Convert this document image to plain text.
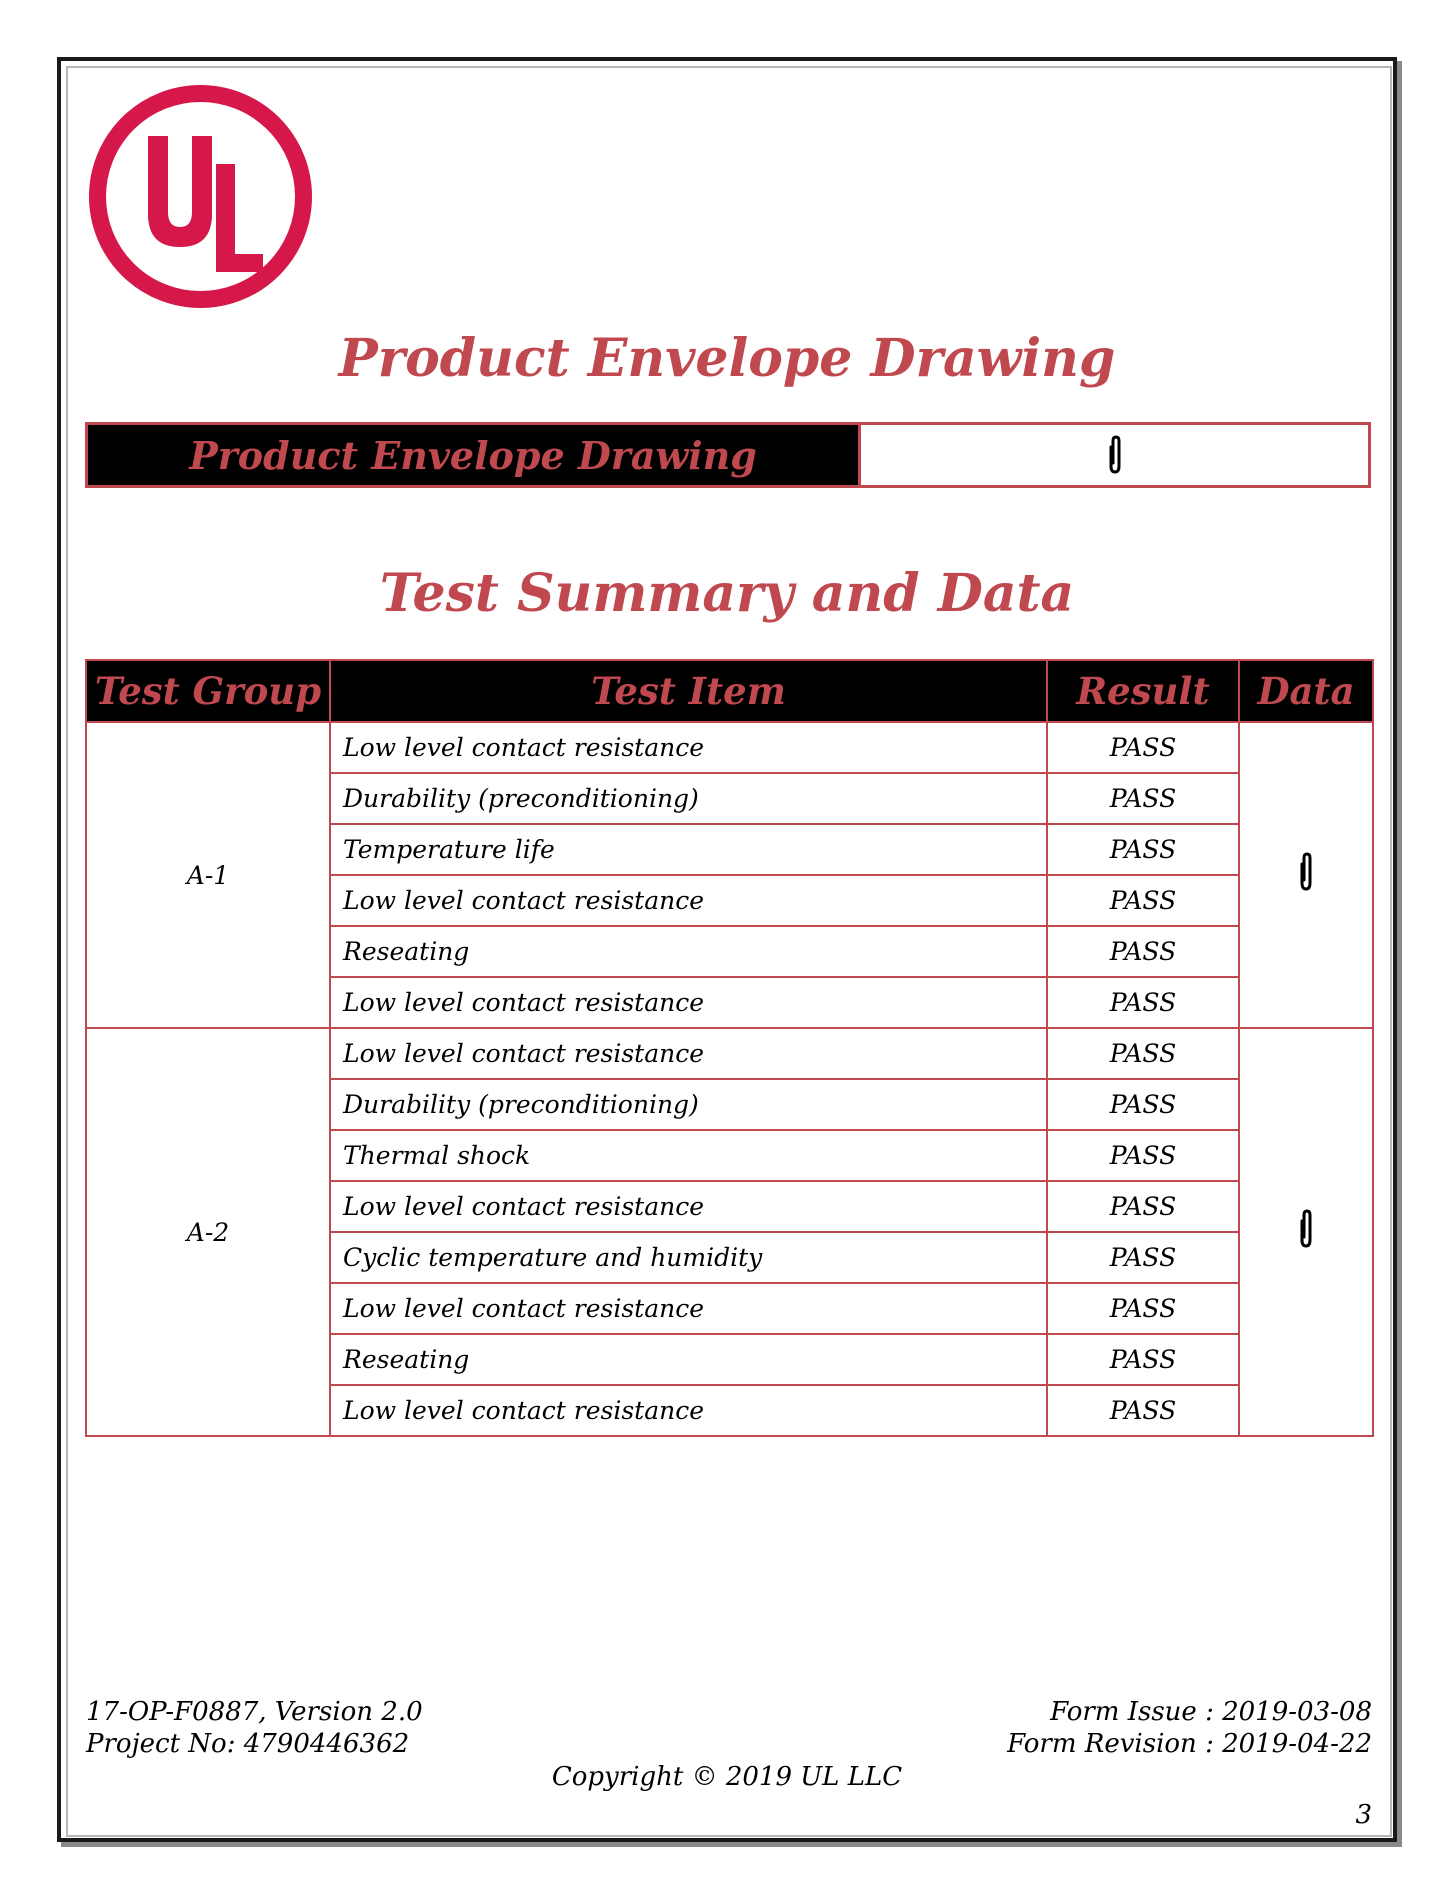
Product Envelope Drawing
Product Envelope Drawing
Test Summary and Data
Test Group	Test Item	Result	Data
A-1	Low level contact resistance	PASS	
	Durability (preconditioning)	PASS	
	Temperature life	PASS	
	Low level contact resistance	PASS	
	Reseating	PASS	
	Low level contact resistance	PASS	
A-2	Low level contact resistance	PASS	
	Durability (preconditioning)	PASS	
	Thermal shock	PASS	
	Low level contact resistance	PASS	
	Cyclic temperature and humidity	PASS	
	Low level contact resistance	PASS	
	Reseating	PASS	
	Low level contact resistance	PASS	
17-OP-F0887, Version 2.0
Project No: 4790446362
Form Issue : 2019-03-08
Form Revision : 2019-04-22
Copyright © 2019 UL LLC
3
